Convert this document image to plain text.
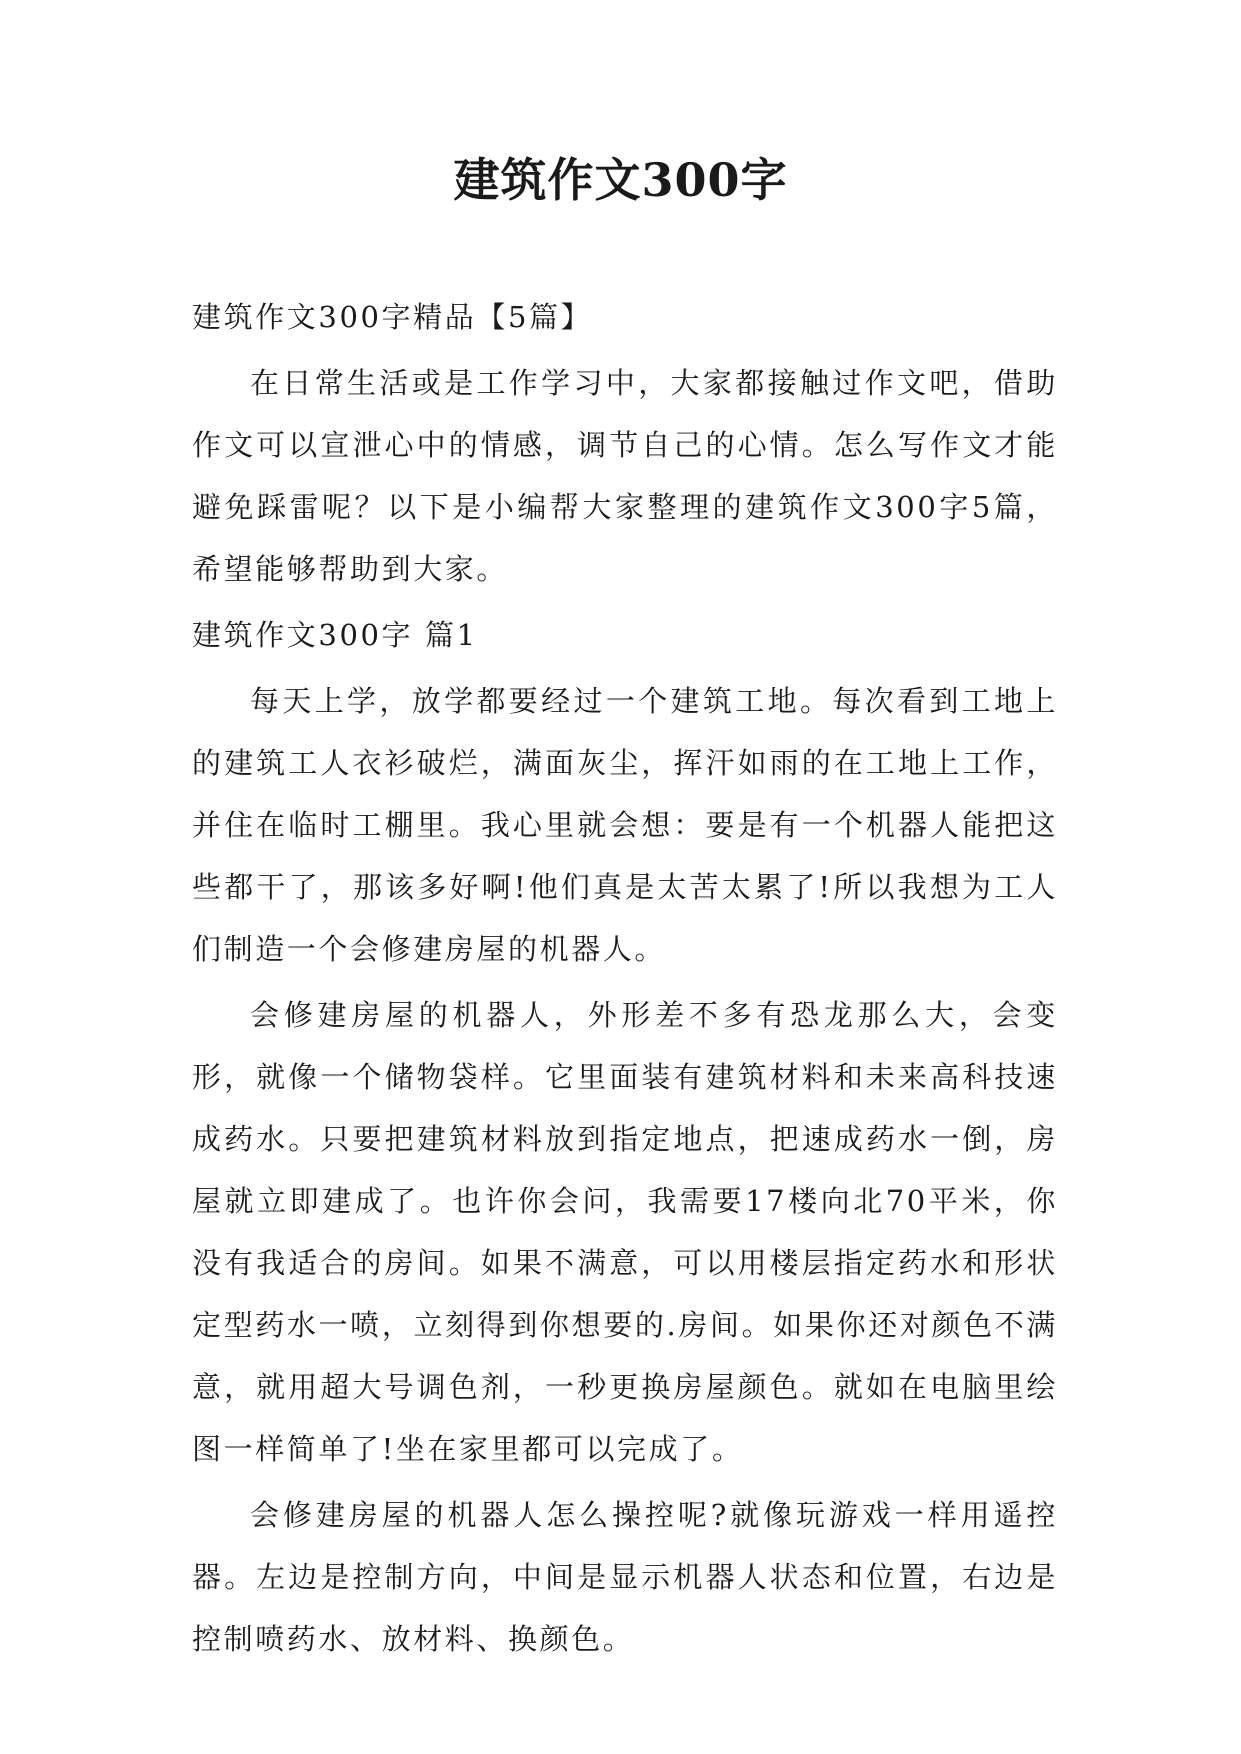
建筑作文300字

建筑作文300字精品【5篇】

在日常生活或是工作学习中，大家都接触过作文吧，借助作文可以宣泄心中的情感，调节自己的心情。怎么写作文才能避免踩雷呢？以下是小编帮大家整理的建筑作文300字5篇，希望能够帮助到大家。

建筑作文300字 篇1

每天上学，放学都要经过一个建筑工地。每次看到工地上的建筑工人衣衫破烂，满面灰尘，挥汗如雨的在工地上工作，并住在临时工棚里。我心里就会想：要是有一个机器人能把这些都干了，那该多好啊!他们真是太苦太累了!所以我想为工人们制造一个会修建房屋的机器人。

会修建房屋的机器人，外形差不多有恐龙那么大，会变形，就像一个储物袋样。它里面装有建筑材料和未来高科技速成药水。只要把建筑材料放到指定地点，把速成药水一倒，房屋就立即建成了。也许你会问，我需要17楼向北70平米，你没有我适合的房间。如果不满意，可以用楼层指定药水和形状定型药水一喷，立刻得到你想要的.房间。如果你还对颜色不满意，就用超大号调色剂，一秒更换房屋颜色。就如在电脑里绘图一样简单了!坐在家里都可以完成了。

会修建房屋的机器人怎么操控呢?就像玩游戏一样用遥控器。左边是控制方向，中间是显示机器人状态和位置，右边是控制喷药水、放材料、换颜色。
